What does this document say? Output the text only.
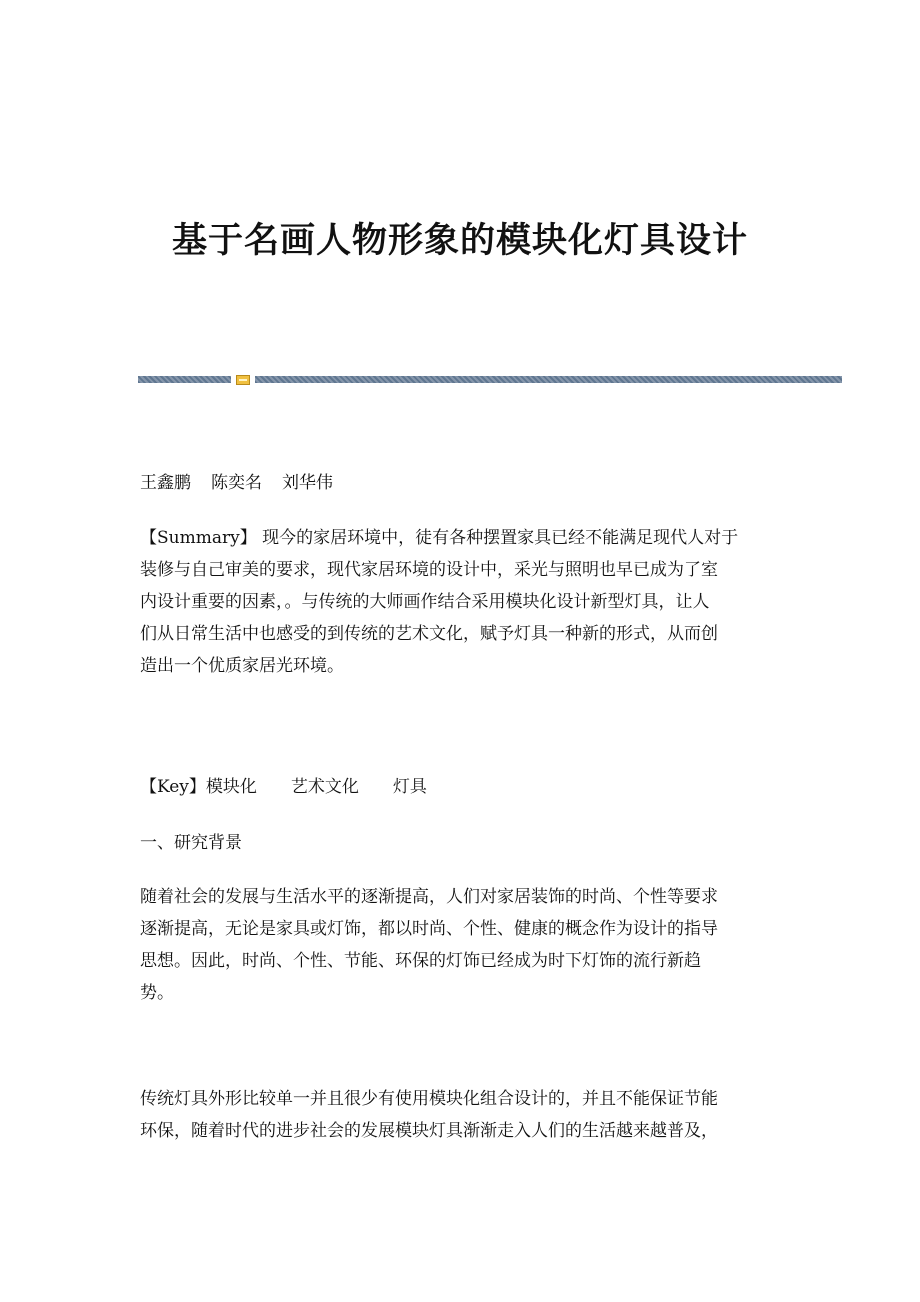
基于名画人物形象的模块化灯具设计
王鑫鹏 陈奕名 刘华伟
【Summary】 现今的家居环境中，徒有各种摆置家具已经不能满足现代人对于
装修与自己审美的要求，现代家居环境的设计中，采光与照明也早已成为了室
内设计重要的因素，。与传统的大师画作结合采用模块化设计新型灯具，让人
们从日常生活中也感受的到传统的艺术文化，赋予灯具一种新的形式，从而创
造出一个优质家居光环境。
【Key】模块化 艺术文化 灯具
一、研究背景
随着社会的发展与生活水平的逐渐提高，人们对家居装饰的时尚、个性等要求
逐渐提高，无论是家具或灯饰，都以时尚、个性、健康的概念作为设计的指导
思想。因此，时尚、个性、节能、环保的灯饰已经成为时下灯饰的流行新趋
势。
传统灯具外形比较单一并且很少有使用模块化组合设计的，并且不能保证节能
环保，随着时代的进步社会的发展模块灯具渐渐走入人们的生活越来越普及，
